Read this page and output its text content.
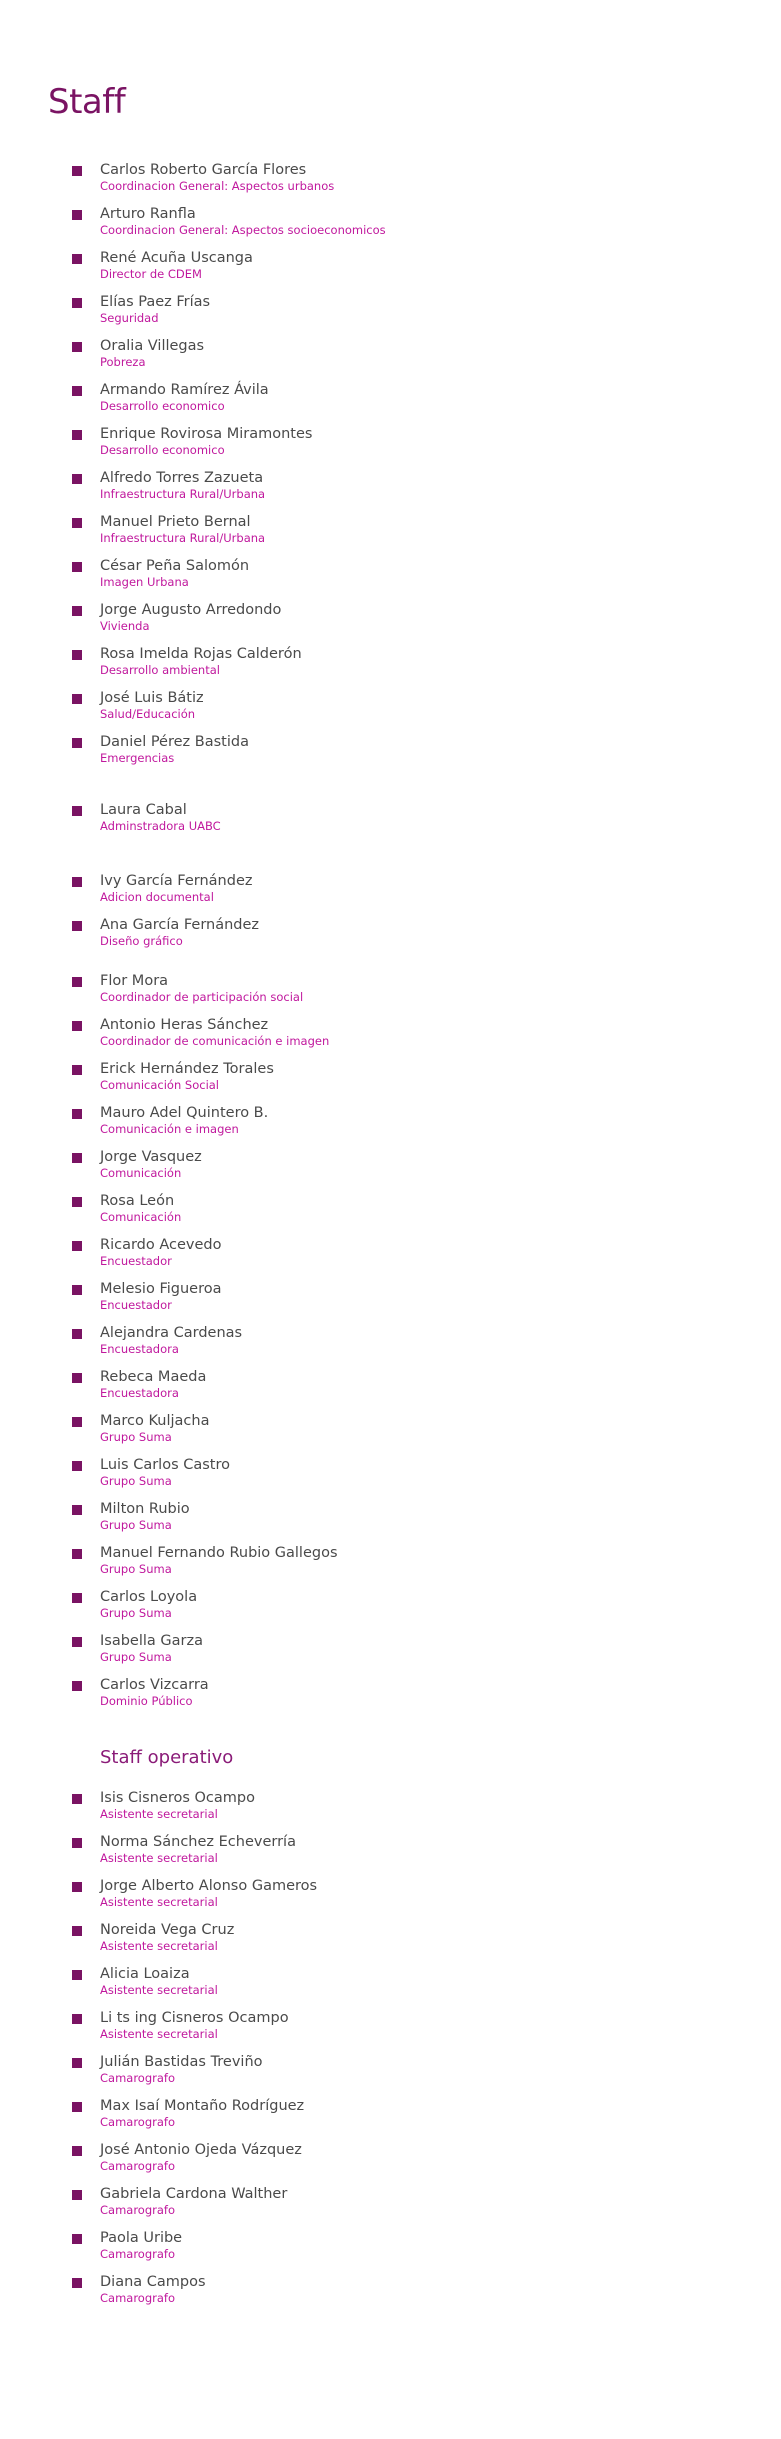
Staff
Carlos Roberto García Flores
Coordinacion General: Aspectos urbanos
Arturo Ranfla
Coordinacion General: Aspectos socioeconomicos
René Acuña Uscanga
Director de CDEM
Elías Paez Frías
Seguridad
Oralia Villegas
Pobreza
Armando Ramírez Ávila
Desarrollo economico
Enrique Rovirosa Miramontes
Desarrollo economico
Alfredo Torres Zazueta
Infraestructura Rural/Urbana
Manuel Prieto Bernal
Infraestructura Rural/Urbana
César Peña Salomón
Imagen Urbana
Jorge Augusto Arredondo
Vivienda
Rosa Imelda Rojas Calderón
Desarrollo ambiental
José Luis Bátiz
Salud/Educación
Daniel Pérez Bastida
Emergencias
Laura Cabal
Adminstradora UABC
Ivy García Fernández
Adicion documental
Ana García Fernández
Diseño gráfico
Flor Mora
Coordinador de participación social
Antonio Heras Sánchez
Coordinador de comunicación e imagen
Erick Hernández Torales
Comunicación Social
Mauro Adel Quintero B.
Comunicación e imagen
Jorge Vasquez
Comunicación
Rosa León
Comunicación
Ricardo Acevedo
Encuestador
Melesio Figueroa
Encuestador
Alejandra Cardenas
Encuestadora
Rebeca Maeda
Encuestadora
Marco Kuljacha
Grupo Suma
Luis Carlos Castro
Grupo Suma
Milton Rubio
Grupo Suma
Manuel Fernando Rubio Gallegos
Grupo Suma
Carlos Loyola
Grupo Suma
Isabella Garza
Grupo Suma
Carlos Vizcarra
Dominio Público
Staff operativo
Isis Cisneros Ocampo
Asistente secretarial
Norma Sánchez Echeverría
Asistente secretarial
Jorge Alberto Alonso Gameros
Asistente secretarial
Noreida Vega Cruz
Asistente secretarial
Alicia Loaiza
Asistente secretarial
Li ts ing Cisneros Ocampo
Asistente secretarial
Julián Bastidas Treviño
Camarografo
Max Isaí Montaño Rodríguez
Camarografo
José Antonio Ojeda Vázquez
Camarografo
Gabriela Cardona Walther
Camarografo
Paola Uribe
Camarografo
Diana Campos
Camarografo
